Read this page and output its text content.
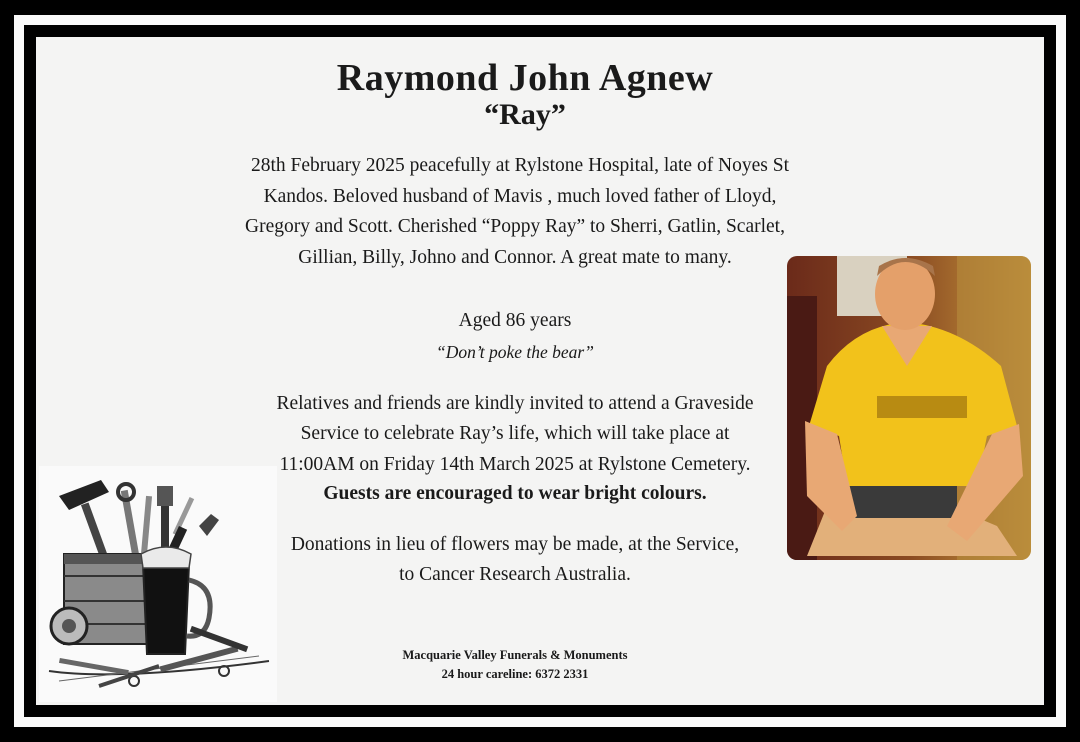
Raymond John Agnew
“Ray”
28th February 2025 peacefully at Rylstone Hospital, late of Noyes St
Kandos. Beloved husband of Mavis , much loved father of Lloyd,
Gregory and Scott. Cherished “Poppy Ray” to Sherri, Gatlin, Scarlet,
Gillian, Billy, Johno and Connor. A great mate to many.
Aged 86 years
“Don’t poke the bear”
Relatives and friends are kindly invited to attend a Graveside
Service to celebrate Ray’s life, which will take place at
11:00AM on Friday 14th March 2025 at Rylstone Cemetery.
Guests are encouraged to wear bright colours.
Donations in lieu of flowers may be made, at the Service,
to Cancer Research Australia.
Macquarie Valley Funerals & Monuments
24 hour careline: 6372 2331
